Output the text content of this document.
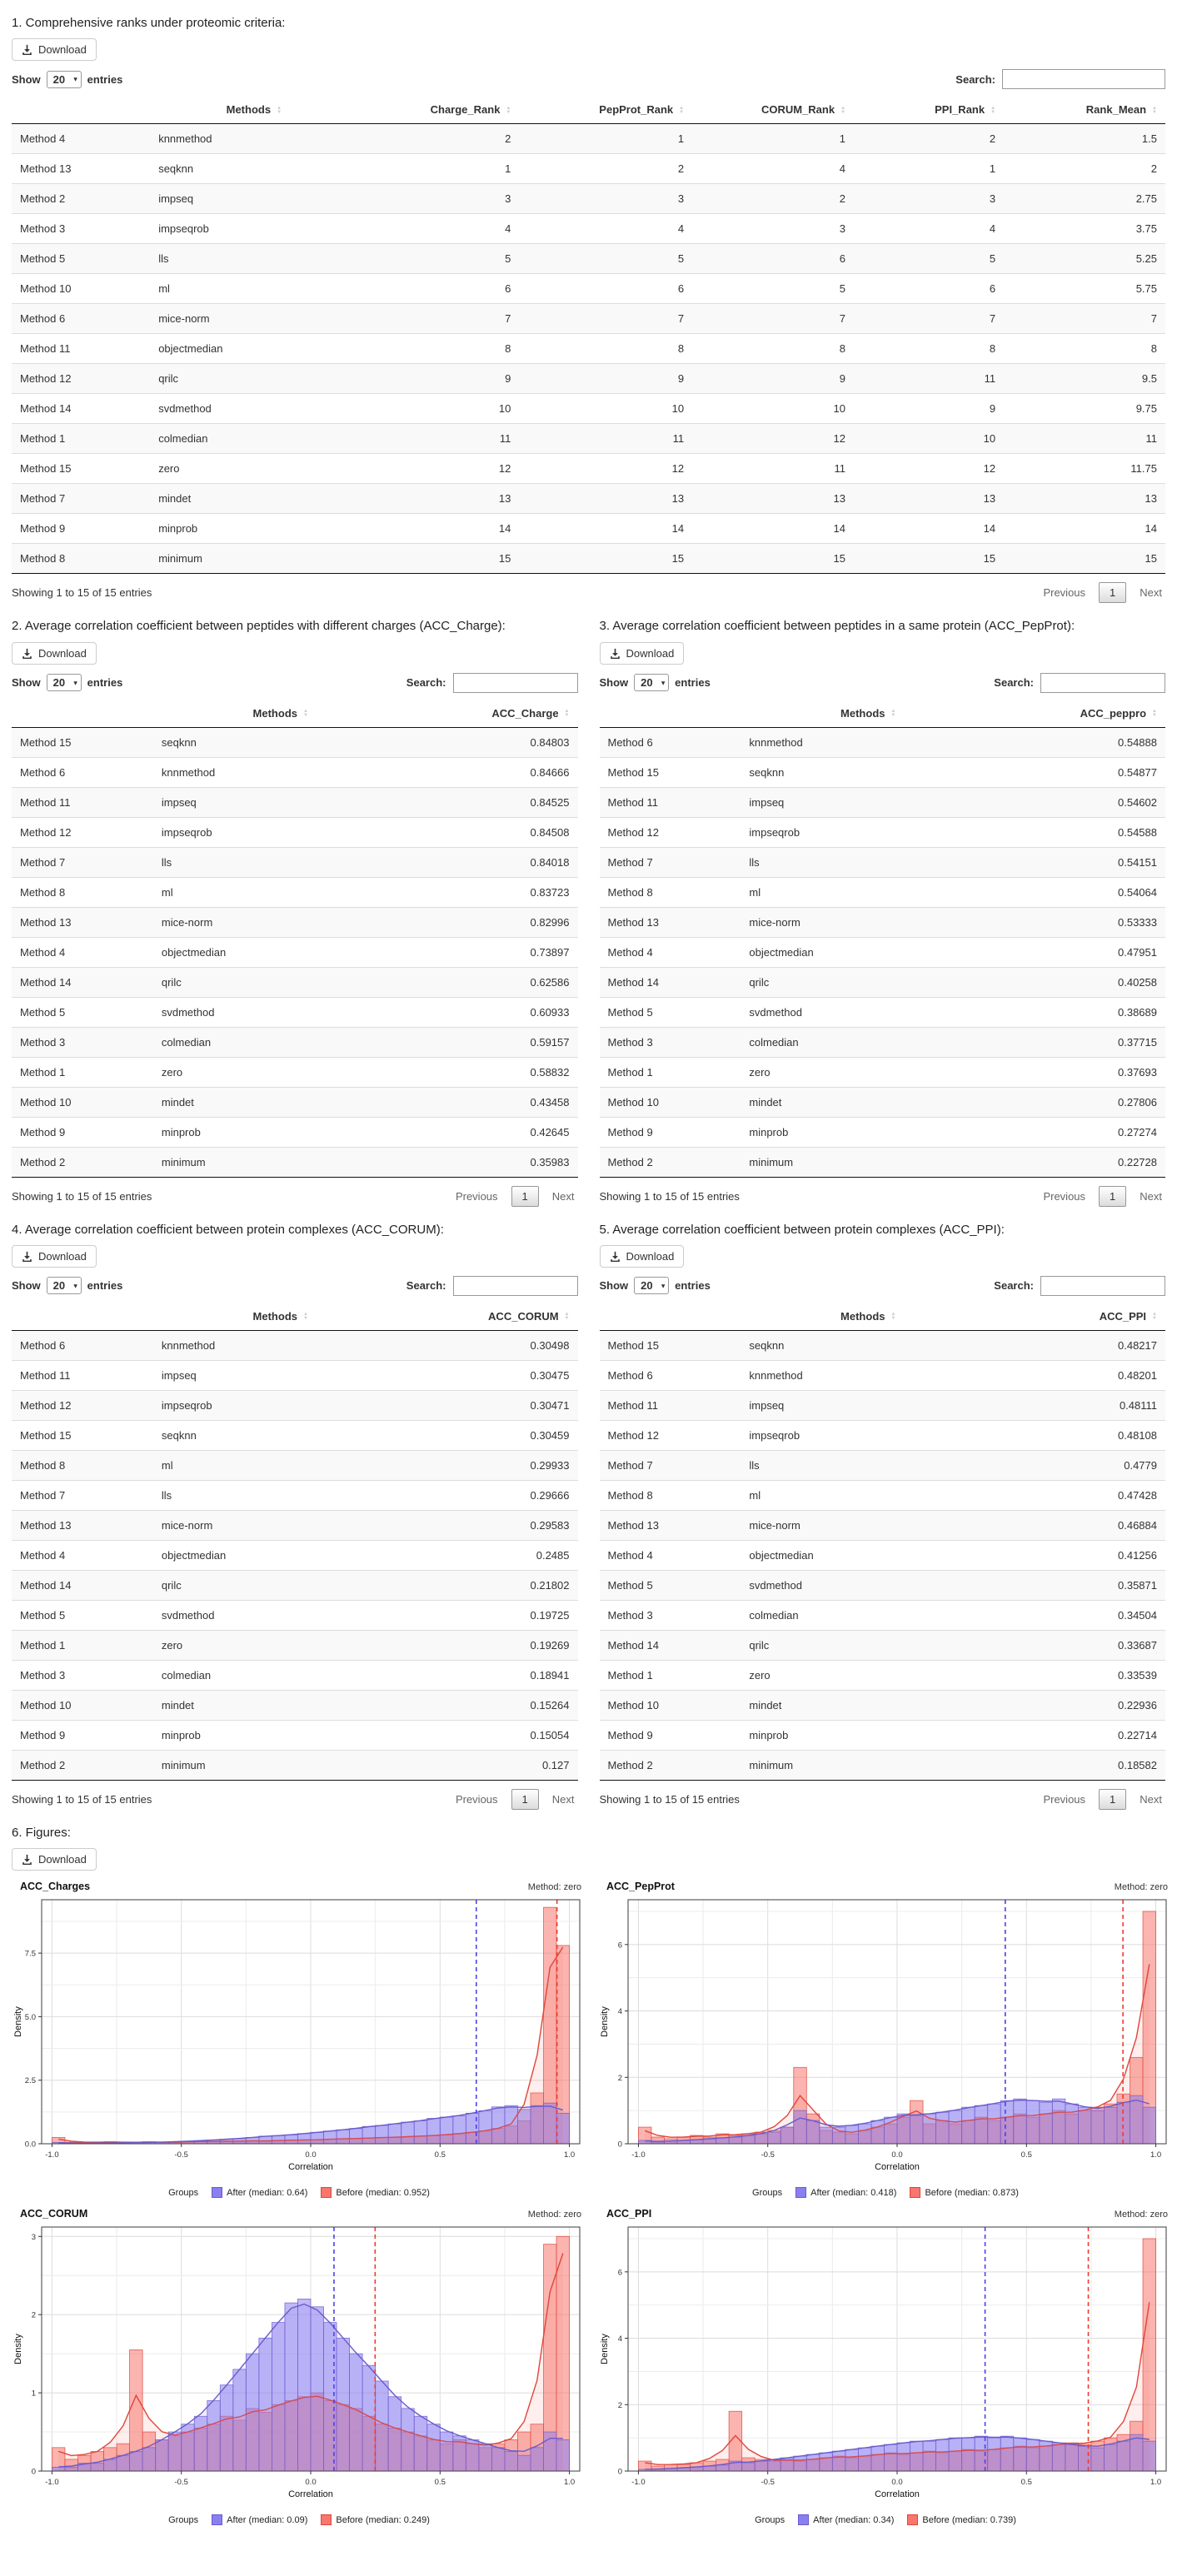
1. Comprehensive ranks under proteomic criteria:
Download
Show
20	▾ entries	Search:
	Methods ▲
▼	Charge_Rank ▲
▼	PepProt_Rank ▲
▼	CORUM_Rank ▲
▼	PPI_Rank ▲
▼	Rank_Mean ▲
▼

Method 4	knnmethod	2	1	1	2	1.5
Method 13	seqknn	1	2	4	1	2
Method 2	impseq	3	3	2	3	2.75
Method 3	impseqrob	4	4	3	4	3.75
Method 5	lls	5	5	6	5	5.25
Method 10	ml	6	6	5	6	5.75
Method 6	mice-norm	7	7	7	7	7
Method 11	objectmedian	8	8	8	8	8
Method 12	qrilc	9	9	9	11	9.5
Method 14	svdmethod	10	10	10	9	9.75
Method 1	colmedian	11	11	12	10	11
Method 15	zero	12	12	11	12	11.75
Method 7	mindet	13	13	13	13	13
Method 9	minprob	14	14	14	14	14
Method 8	minimum	15	15	15	15	15
Showing 1 to 15 of 15 entries	Previous	1	Next
2. Average correlation coefficient between peptides with different charges (ACC_Charge):
Download
Show
20	▾ entries	Search:
	Methods ▲
▼	ACC_Charge ▲
▼

Method 15	seqknn	0.84803
Method 6	knnmethod	0.84666
Method 11	impseq	0.84525
Method 12	impseqrob	0.84508
Method 7	lls	0.84018
Method 8	ml	0.83723
Method 13	mice-norm	0.82996
Method 4	objectmedian	0.73897
Method 14	qrilc	0.62586
Method 5	svdmethod	0.60933
Method 3	colmedian	0.59157
Method 1	zero	0.58832
Method 10	mindet	0.43458
Method 9	minprob	0.42645
Method 2	minimum	0.35983
Showing 1 to 15 of 15 entries	Previous	1	Next
3. Average correlation coefficient between peptides in a same protein (ACC_PepProt):
Download
Show
20	▾ entries	Search:
	Methods ▲
▼	ACC_peppro ▲
▼

Method 6	knnmethod	0.54888
Method 15	seqknn	0.54877
Method 11	impseq	0.54602
Method 12	impseqrob	0.54588
Method 7	lls	0.54151
Method 8	ml	0.54064
Method 13	mice-norm	0.53333
Method 4	objectmedian	0.47951
Method 14	qrilc	0.40258
Method 5	svdmethod	0.38689
Method 3	colmedian	0.37715
Method 1	zero	0.37693
Method 10	mindet	0.27806
Method 9	minprob	0.27274
Method 2	minimum	0.22728
Showing 1 to 15 of 15 entries	Previous	1	Next
4. Average correlation coefficient between protein complexes (ACC_CORUM):
Download
Show
20	▾ entries	Search:
	Methods ▲
▼	ACC_CORUM ▲
▼

Method 6	knnmethod	0.30498
Method 11	impseq	0.30475
Method 12	impseqrob	0.30471
Method 15	seqknn	0.30459
Method 8	ml	0.29933
Method 7	lls	0.29666
Method 13	mice-norm	0.29583
Method 4	objectmedian	0.2485
Method 14	qrilc	0.21802
Method 5	svdmethod	0.19725
Method 1	zero	0.19269
Method 3	colmedian	0.18941
Method 10	mindet	0.15264
Method 9	minprob	0.15054
Method 2	minimum	0.127
Showing 1 to 15 of 15 entries	Previous	1	Next
5. Average correlation coefficient between protein complexes (ACC_PPI):
Download
Show
20	▾ entries	Search:
	Methods ▲
▼	ACC_PPI ▲
▼

Method 15	seqknn	0.48217
Method 6	knnmethod	0.48201
Method 11	impseq	0.48111
Method 12	impseqrob	0.48108
Method 7	lls	0.4779
Method 8	ml	0.47428
Method 13	mice-norm	0.46884
Method 4	objectmedian	0.41256
Method 5	svdmethod	0.35871
Method 3	colmedian	0.34504
Method 14	qrilc	0.33687
Method 1	zero	0.33539
Method 10	mindet	0.22936
Method 9	minprob	0.22714
Method 2	minimum	0.18582
Showing 1 to 15 of 15 entries	Previous	1	Next
6. Figures:
Download
ACC_Charges	Method: zero
-1.0	-0.5	0.0	0.5	1.0
0.0
2.5
5.0
7.5
Correlation
Density
Groups	After (median: 0.64)	Before (median: 0.952)
ACC_PepProt	Method: zero
-1.0	-0.5	0.0	0.5	1.0
0
2
4
6
Correlation
Density
Groups	After (median: 0.418)	Before (median: 0.873)
ACC_CORUM	Method: zero
-1.0	-0.5	0.0	0.5	1.0
0
1
2
3
Correlation
Density
Groups	After (median: 0.09)	Before (median: 0.249)
ACC_PPI	Method: zero
-1.0	-0.5	0.0	0.5	1.0
0
2
4
6
Correlation
Density
Groups	After (median: 0.34)	Before (median: 0.739)
